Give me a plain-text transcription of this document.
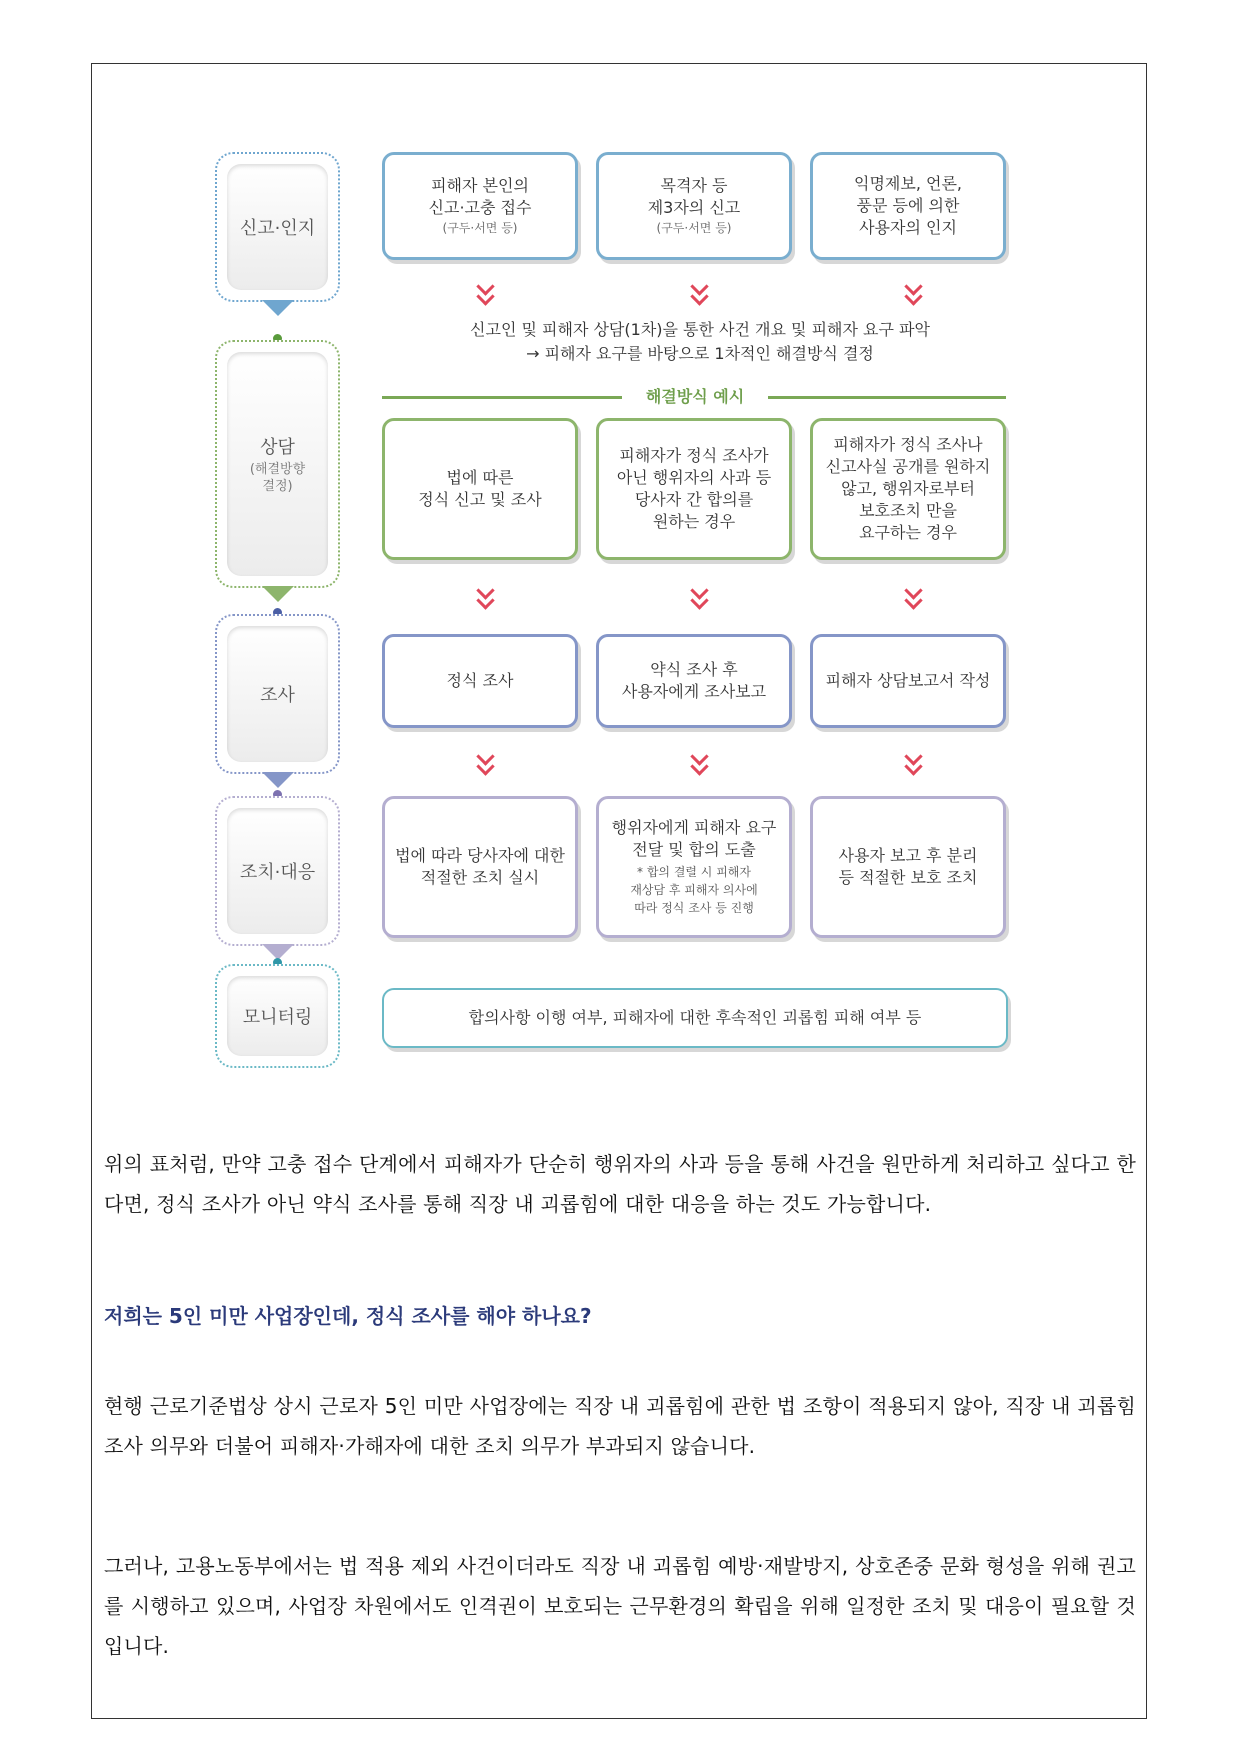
신고·인지
상담
(해결방향
결정)
조사
조치·대응
모니터링
피해자 본인의
신고·고충 접수
(구두·서면 등)
목격자 등
제3자의 신고
(구두·서면 등)
익명제보, 언론,
풍문 등에 의한
사용자의 인지
신고인 및 피해자 상담(1차)을 통한 사건 개요 및 피해자 요구 파악
→ 피해자 요구를 바탕으로 1차적인 해결방식 결정
해결방식 예시
법에 따른
정식 신고 및 조사
피해자가 정식 조사가
아닌 행위자의 사과 등
당사자 간 합의를
원하는 경우
피해자가 정식 조사나
신고사실 공개를 원하지
않고, 행위자로부터
보호조치 만을
요구하는 경우
정식 조사
약식 조사 후
사용자에게 조사보고
피해자 상담보고서 작성
법에 따라 당사자에 대한
적절한 조치 실시
행위자에게 피해자 요구
전달 및 합의 도출
* 합의 결렬 시 피해자
재상담 후 피해자 의사에
따라 정식 조사 등 진행
사용자 보고 후 분리
등 적절한 보호 조치
합의사항 이행 여부, 피해자에 대한 후속적인 괴롭힘 피해 여부 등
위의 표처럼, 만약 고충 접수 단계에서 피해자가 단순히 행위자의 사과 등을 통해 사건을 원만하게 처리하고 싶다고 한다면, 정식 조사가 아닌 약식 조사를 통해 직장 내 괴롭힘에 대한 대응을 하는 것도 가능합니다.
저희는 5인 미만 사업장인데, 정식 조사를 해야 하나요?
현행 근로기준법상 상시 근로자 5인 미만 사업장에는 직장 내 괴롭힘에 관한 법 조항이 적용되지 않아, 직장 내 괴롭힘 조사 의무와 더불어 피해자·가해자에 대한 조치 의무가 부과되지 않습니다.
그러나, 고용노동부에서는 법 적용 제외 사건이더라도 직장 내 괴롭힘 예방·재발방지, 상호존중 문화 형성을 위해 권고를 시행하고 있으며, 사업장 차원에서도 인격권이 보호되는 근무환경의 확립을 위해 일정한 조치 및 대응이 필요할 것입니다.
